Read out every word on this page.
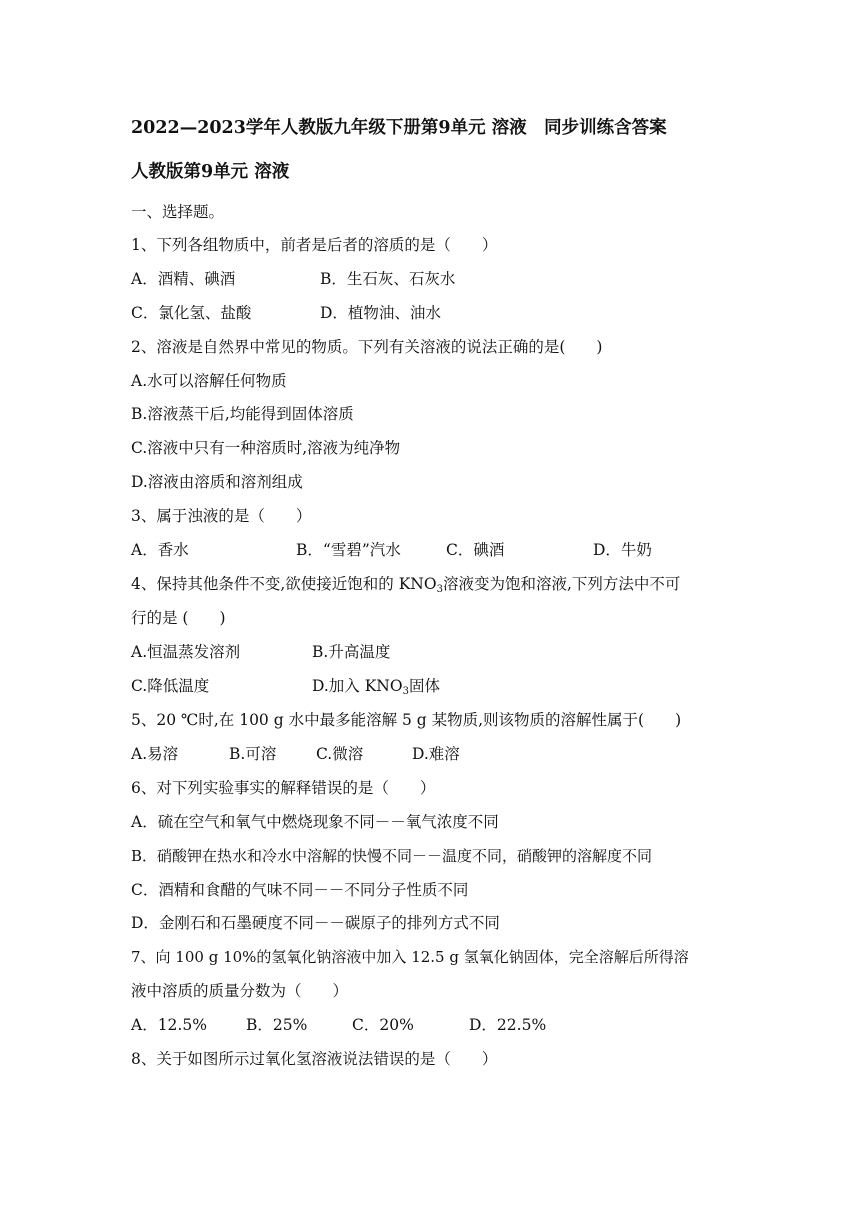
2022—2023学年人教版九年级下册第9单元 溶液　同步训练含答案
人教版第9单元 溶液
一、选择题。
1、下列各组物质中，前者是后者的溶质的是（　　）
A．酒精、碘酒	B．生石灰、石灰水
C．氯化氢、盐酸	D．植物油、油水
2、溶液是自然界中常见的物质。下列有关溶液的说法正确的是(　　)
A.水可以溶解任何物质
B.溶液蒸干后,均能得到固体溶质
C.溶液中只有一种溶质时,溶液为纯净物
D.溶液由溶质和溶剂组成
3、属于浊液的是（　　）
A．香水	B．“雪碧”汽水	C．碘酒	D．牛奶
4、保持其他条件不变,欲使接近饱和的 KNO3溶液变为饱和溶液,下列方法中不可
行的是 (　　)
A.恒温蒸发溶剂	B.升高温度
C.降低温度	D.加入 KNO3固体
5、20 ℃时,在 100 g 水中最多能溶解 5 g 某物质,则该物质的溶解性属于(　　)
A.易溶	B.可溶	C.微溶	D.难溶
6、对下列实验事实的解释错误的是（　　）
A．硫在空气和氧气中燃烧现象不同－－氧气浓度不同
B．硝酸钾在热水和冷水中溶解的快慢不同－－温度不同，硝酸钾的溶解度不同
C．酒精和食醋的气味不同－－不同分子性质不同
D．金刚石和石墨硬度不同－－碳原子的排列方式不同
7、向 100 g 10%的氢氧化钠溶液中加入 12.5 g 氢氧化钠固体，完全溶解后所得溶
液中溶质的质量分数为（　　）
A．12.5%	B．25%	C．20%	D．22.5%
8、关于如图所示过氧化氢溶液说法错误的是（　　）
